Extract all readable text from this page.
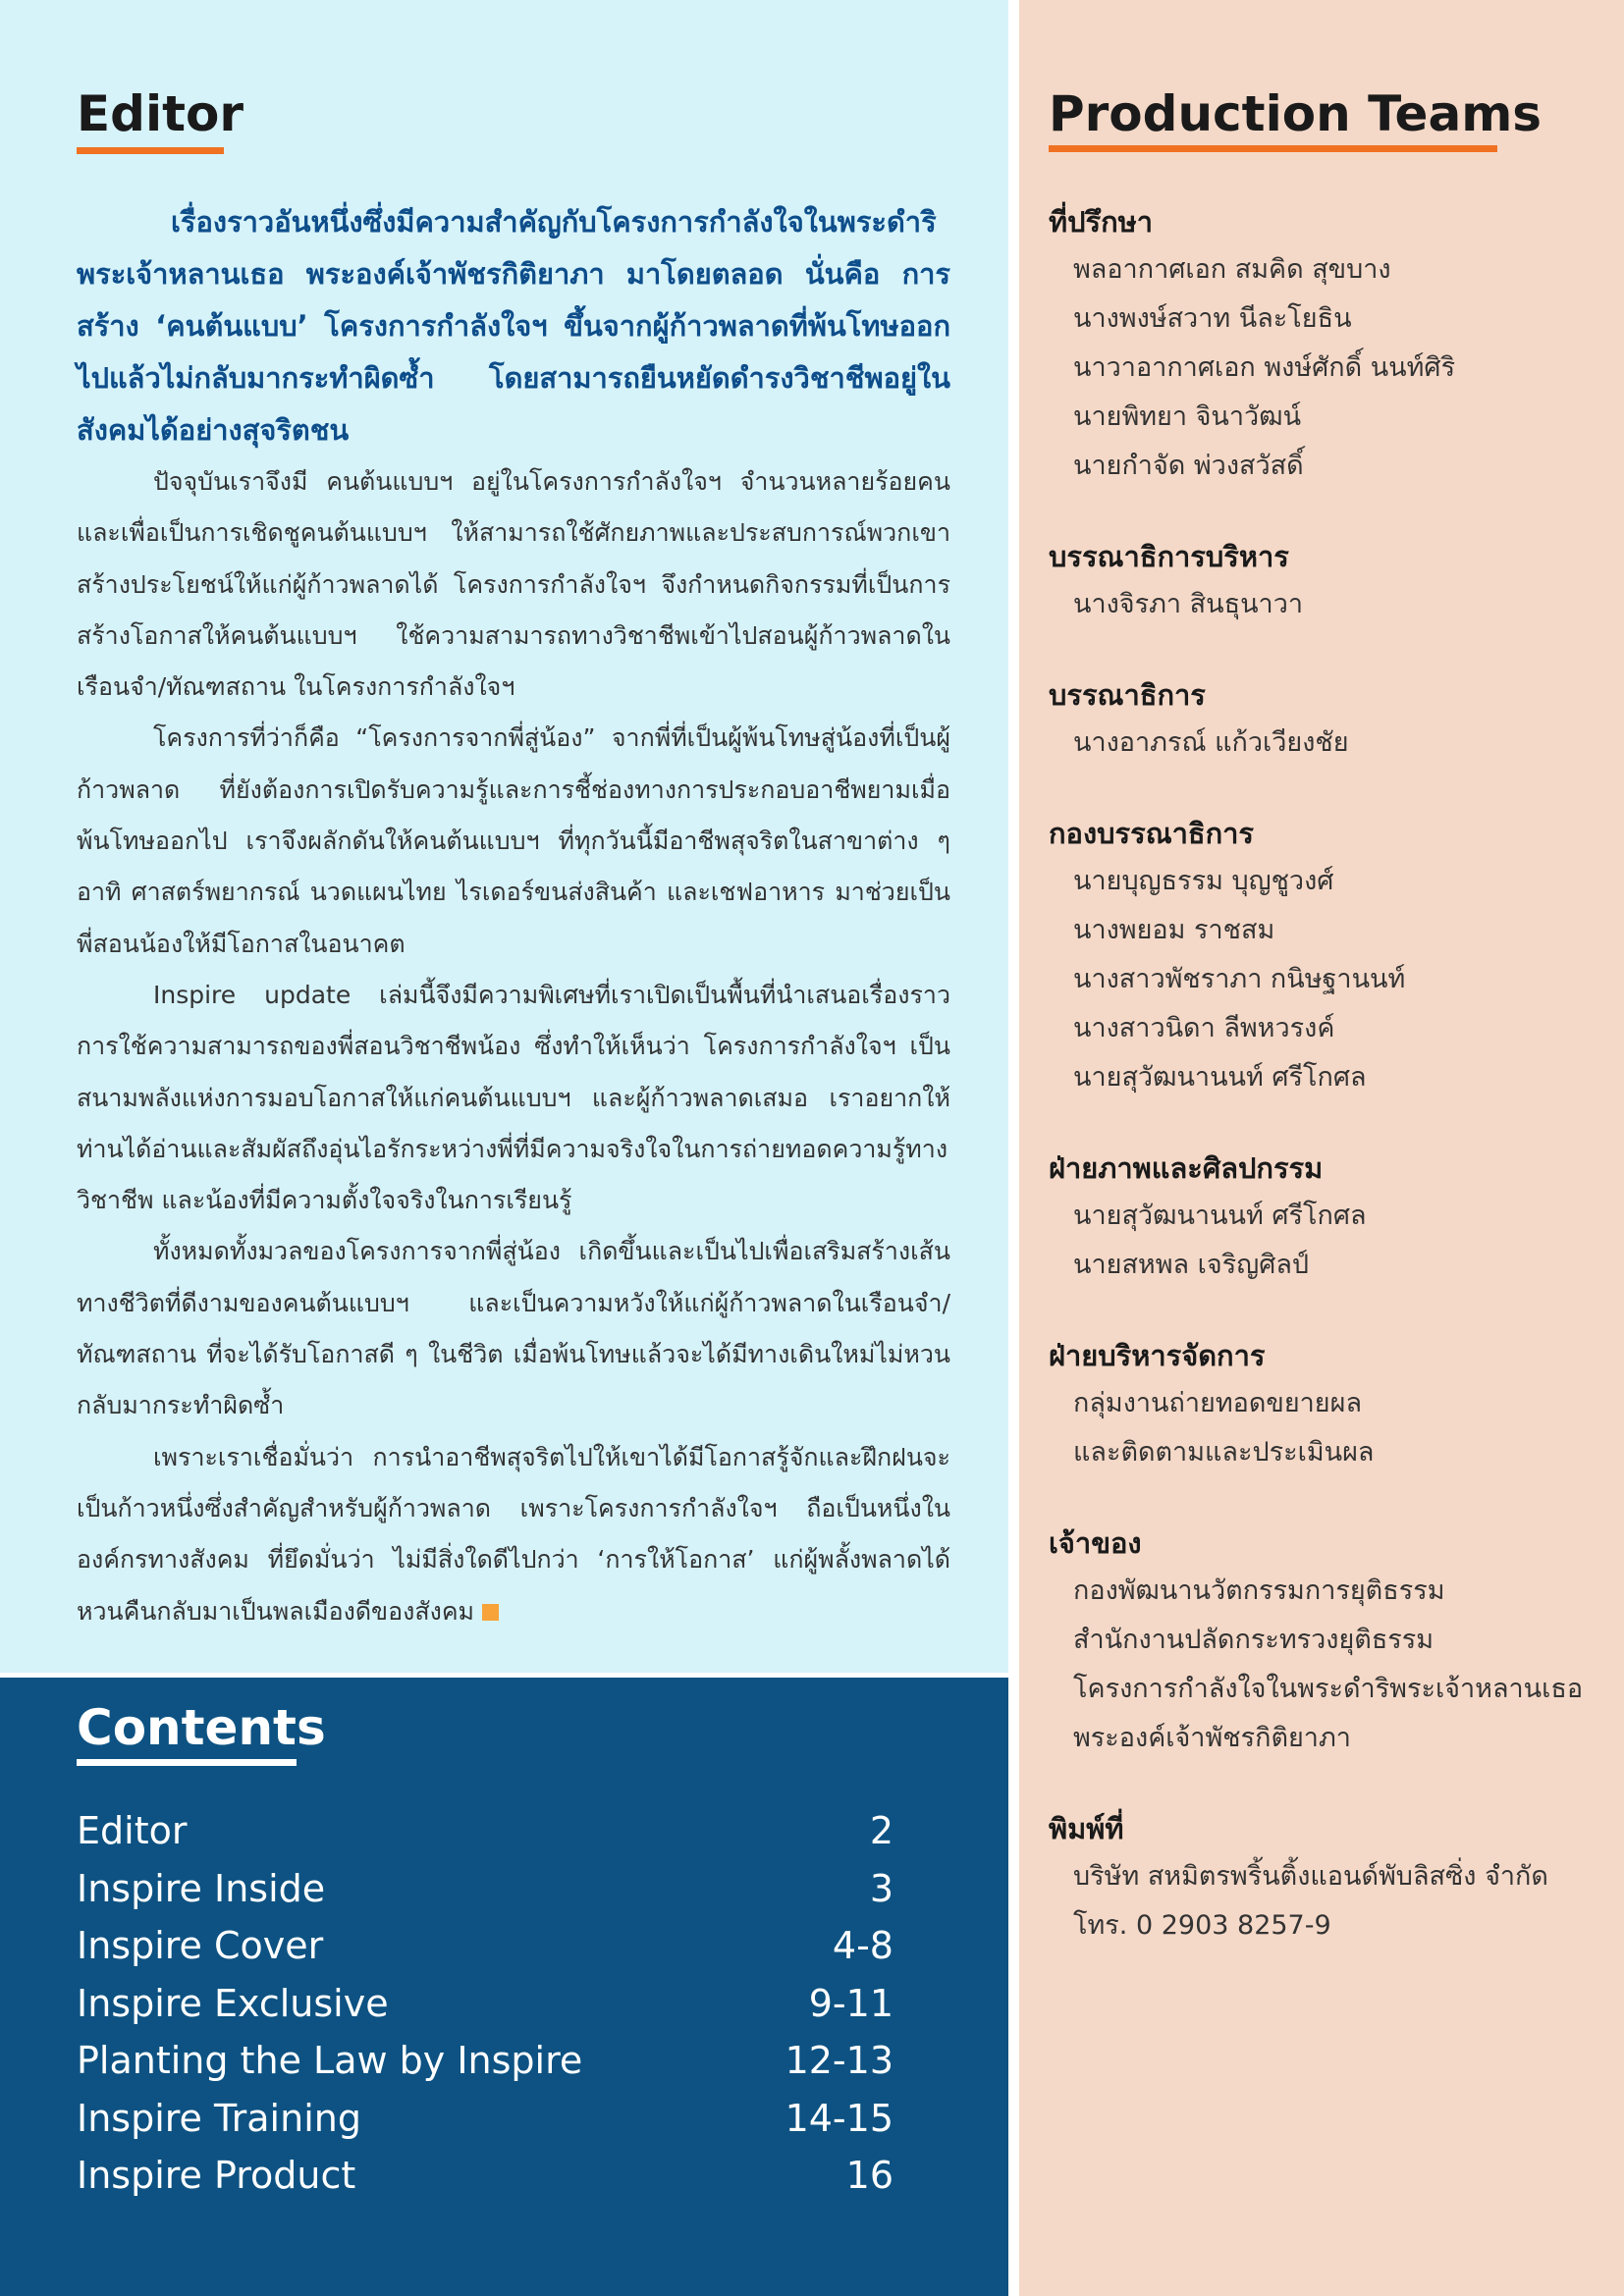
Editor

เรื่องราวอันหนึ่งซึ่งมีความสำคัญกับโครงการกำลังใจในพระดำริพระเจ้าหลานเธอ พระองค์เจ้าพัชรกิติยาภา มาโดยตลอด นั่นคือ การสร้าง ‘คนต้นแบบ’ โครงการกำลังใจฯ ขึ้นจากผู้ก้าวพลาดที่พ้นโทษออกไปแล้วไม่กลับมากระทำผิดซ้ำ โดยสามารถยืนหยัดดำรงวิชาชีพอยู่ในสังคมได้อย่างสุจริตชน

ปัจจุบันเราจึงมี คนต้นแบบฯ อยู่ในโครงการกำลังใจฯ จำนวนหลายร้อยคน และเพื่อเป็นการเชิดชูคนต้นแบบฯ ให้สามารถใช้ศักยภาพและประสบการณ์พวกเขาสร้างประโยชน์ให้แก่ผู้ก้าวพลาดได้ โครงการกำลังใจฯ จึงกำหนดกิจกรรมที่เป็นการสร้างโอกาสให้คนต้นแบบฯ ใช้ความสามารถทางวิชาชีพเข้าไปสอนผู้ก้าวพลาดในเรือนจำ/ทัณฑสถาน ในโครงการกำลังใจฯ

โครงการที่ว่าก็คือ “โครงการจากพี่สู่น้อง” จากพี่ที่เป็นผู้พ้นโทษสู่น้องที่เป็นผู้ก้าวพลาด ที่ยังต้องการเปิดรับความรู้และการชี้ช่องทางการประกอบอาชีพยามเมื่อพ้นโทษออกไป เราจึงผลักดันให้คนต้นแบบฯ ที่ทุกวันนี้มีอาชีพสุจริตในสาขาต่าง ๆ อาทิ ศาสตร์พยากรณ์ นวดแผนไทย ไรเดอร์ขนส่งสินค้า และเชฟอาหาร มาช่วยเป็นพี่สอนน้องให้มีโอกาสในอนาคต

Inspire update เล่มนี้จึงมีความพิเศษที่เราเปิดเป็นพื้นที่นำเสนอเรื่องราวการใช้ความสามารถของพี่สอนวิชาชีพน้อง ซึ่งทำให้เห็นว่า โครงการกำลังใจฯ เป็นสนามพลังแห่งการมอบโอกาสให้แก่คนต้นแบบฯ และผู้ก้าวพลาดเสมอ เราอยากให้ท่านได้อ่านและสัมผัสถึงอุ่นไอรักระหว่างพี่ที่มีความจริงใจในการถ่ายทอดความรู้ทางวิชาชีพ และน้องที่มีความตั้งใจจริงในการเรียนรู้

ทั้งหมดทั้งมวลของโครงการจากพี่สู่น้อง เกิดขึ้นและเป็นไปเพื่อเสริมสร้างเส้นทางชีวิตที่ดีงามของคนต้นแบบฯ และเป็นความหวังให้แก่ผู้ก้าวพลาดในเรือนจำ/ทัณฑสถาน ที่จะได้รับโอกาสดี ๆ ในชีวิต เมื่อพ้นโทษแล้วจะได้มีทางเดินใหม่ไม่หวนกลับมากระทำผิดซ้ำ

เพราะเราเชื่อมั่นว่า การนำอาชีพสุจริตไปให้เขาได้มีโอกาสรู้จักและฝึกฝนจะเป็นก้าวหนึ่งซึ่งสำคัญสำหรับผู้ก้าวพลาด เพราะโครงการกำลังใจฯ ถือเป็นหนึ่งในองค์กรทางสังคม ที่ยึดมั่นว่า ไม่มีสิ่งใดดีไปกว่า ‘การให้โอกาส’ แก่ผู้พลั้งพลาดได้หวนคืนกลับมาเป็นพลเมืองดีของสังคม

Contents
Editor	2
Inspire Inside	3
Inspire Cover	4-8
Inspire Exclusive	9-11
Planting the Law by Inspire	12-13
Inspire Training	14-15
Inspire Product	16
Production Teams
ที่ปรึกษา
พลอากาศเอก สมคิด สุขบาง
นางพงษ์สวาท นีละโยธิน
นาวาอากาศเอก พงษ์ศักดิ์ นนท์ศิริ
นายพิทยา จินาวัฒน์
นายกำจัด พ่วงสวัสดิ์
บรรณาธิการบริหาร
นางจิรภา สินธุนาวา
บรรณาธิการ
นางอาภรณ์ แก้วเวียงชัย
กองบรรณาธิการ
นายบุญธรรม บุญชูวงศ์
นางพยอม ราชสม
นางสาวพัชราภา กนิษฐานนท์
นางสาวนิดา ลีพหวรงค์
นายสุวัฒนานนท์ ศรีโกศล
ฝ่ายภาพและศิลปกรรม
นายสุวัฒนานนท์ ศรีโกศล
นายสหพล เจริญศิลป์
ฝ่ายบริหารจัดการ
กลุ่มงานถ่ายทอดขยายผล
และติดตามและประเมินผล
เจ้าของ
กองพัฒนานวัตกรรมการยุติธรรม
สำนักงานปลัดกระทรวงยุติธรรม
โครงการกำลังใจในพระดำริพระเจ้าหลานเธอ
พระองค์เจ้าพัชรกิติยาภา
พิมพ์ที่
บริษัท สหมิตรพริ้นติ้งแอนด์พับลิสซิ่ง จำกัด
โทร. 0 2903 8257-9
